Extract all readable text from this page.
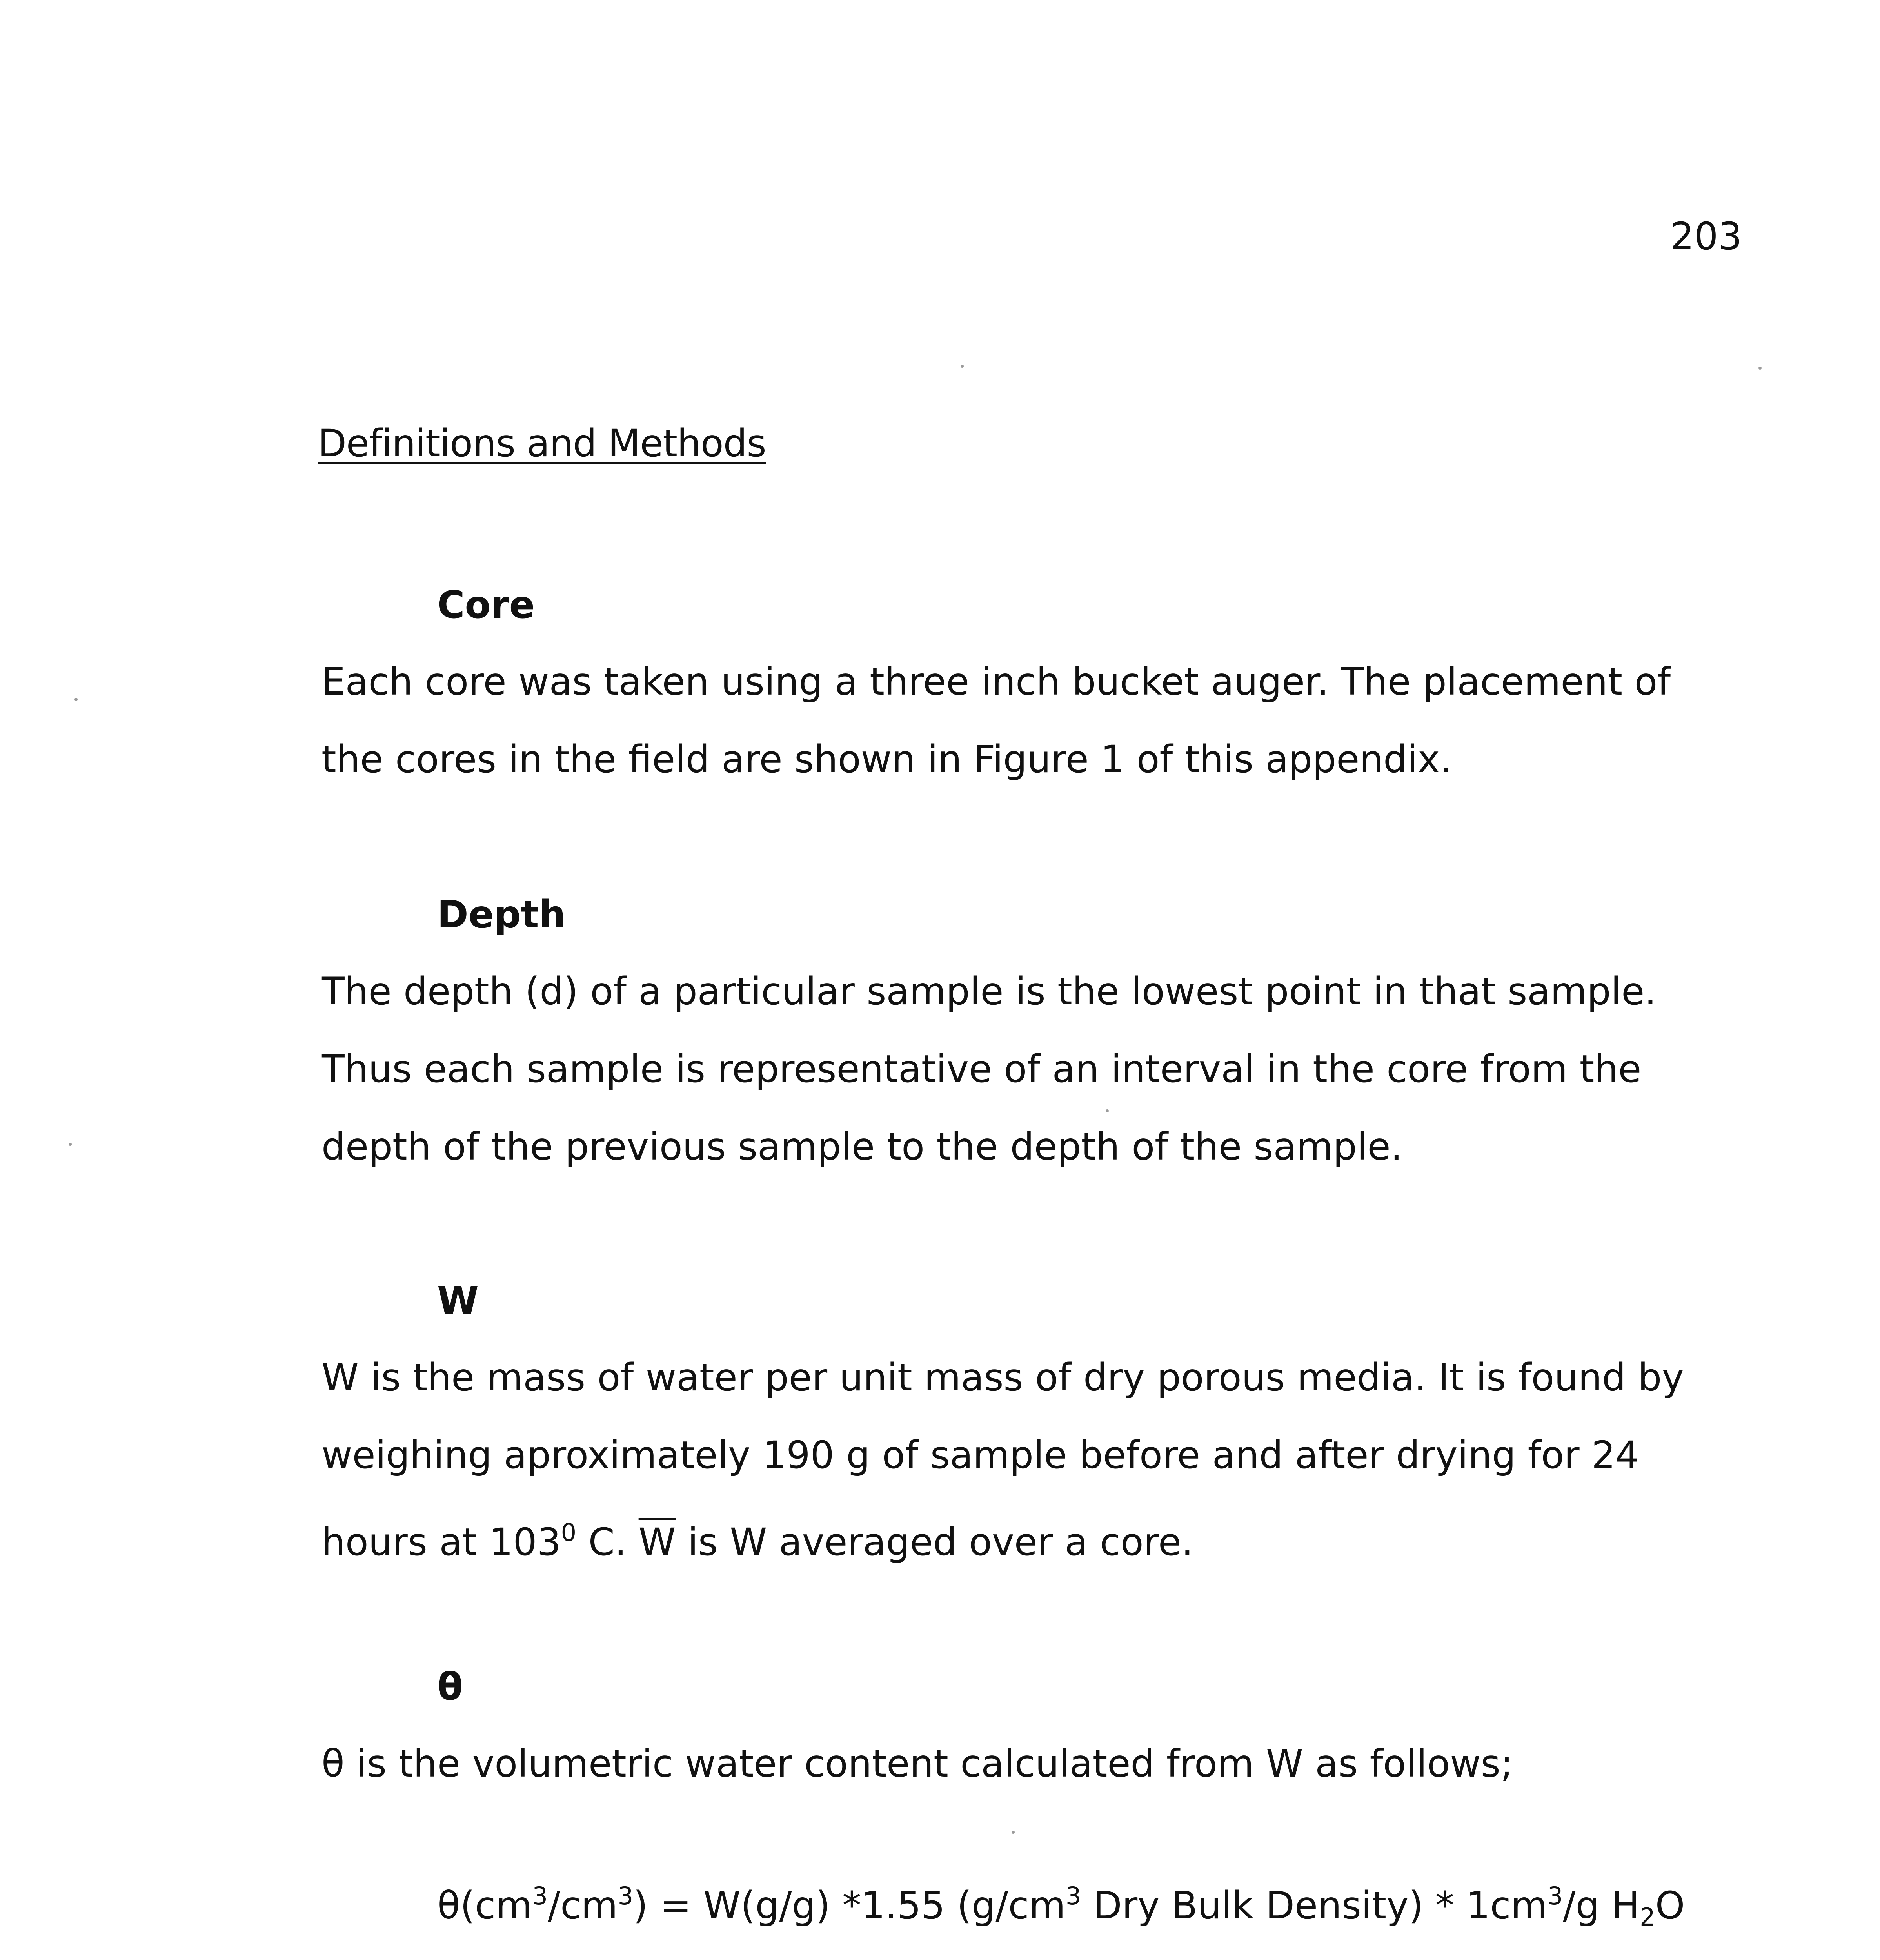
203
Definitions and Methods
Core

Each core was taken using a three inch bucket auger. The placement of
the cores in the field are shown in Figure 1 of this appendix.

Depth

The depth (d) of a particular sample is the lowest point in that sample.
Thus each sample is representative of an interval in the core from the
depth of the previous sample to the depth of the sample.

W

W is the mass of water per unit mass of dry porous media. It is found by
weighing aproximately 190 g of sample before and after drying for 24
hours at $103^0$ C. $\overline{W}$ is W averaged over a core.

θ

θ is the volumetric water content calculated from W as follows;

$\theta(cm^3/cm^3) = W(g/g)$ *1.55 ($g/cm^3$ Dry Bulk Density) * $1cm^3/g$ $H_2O$
